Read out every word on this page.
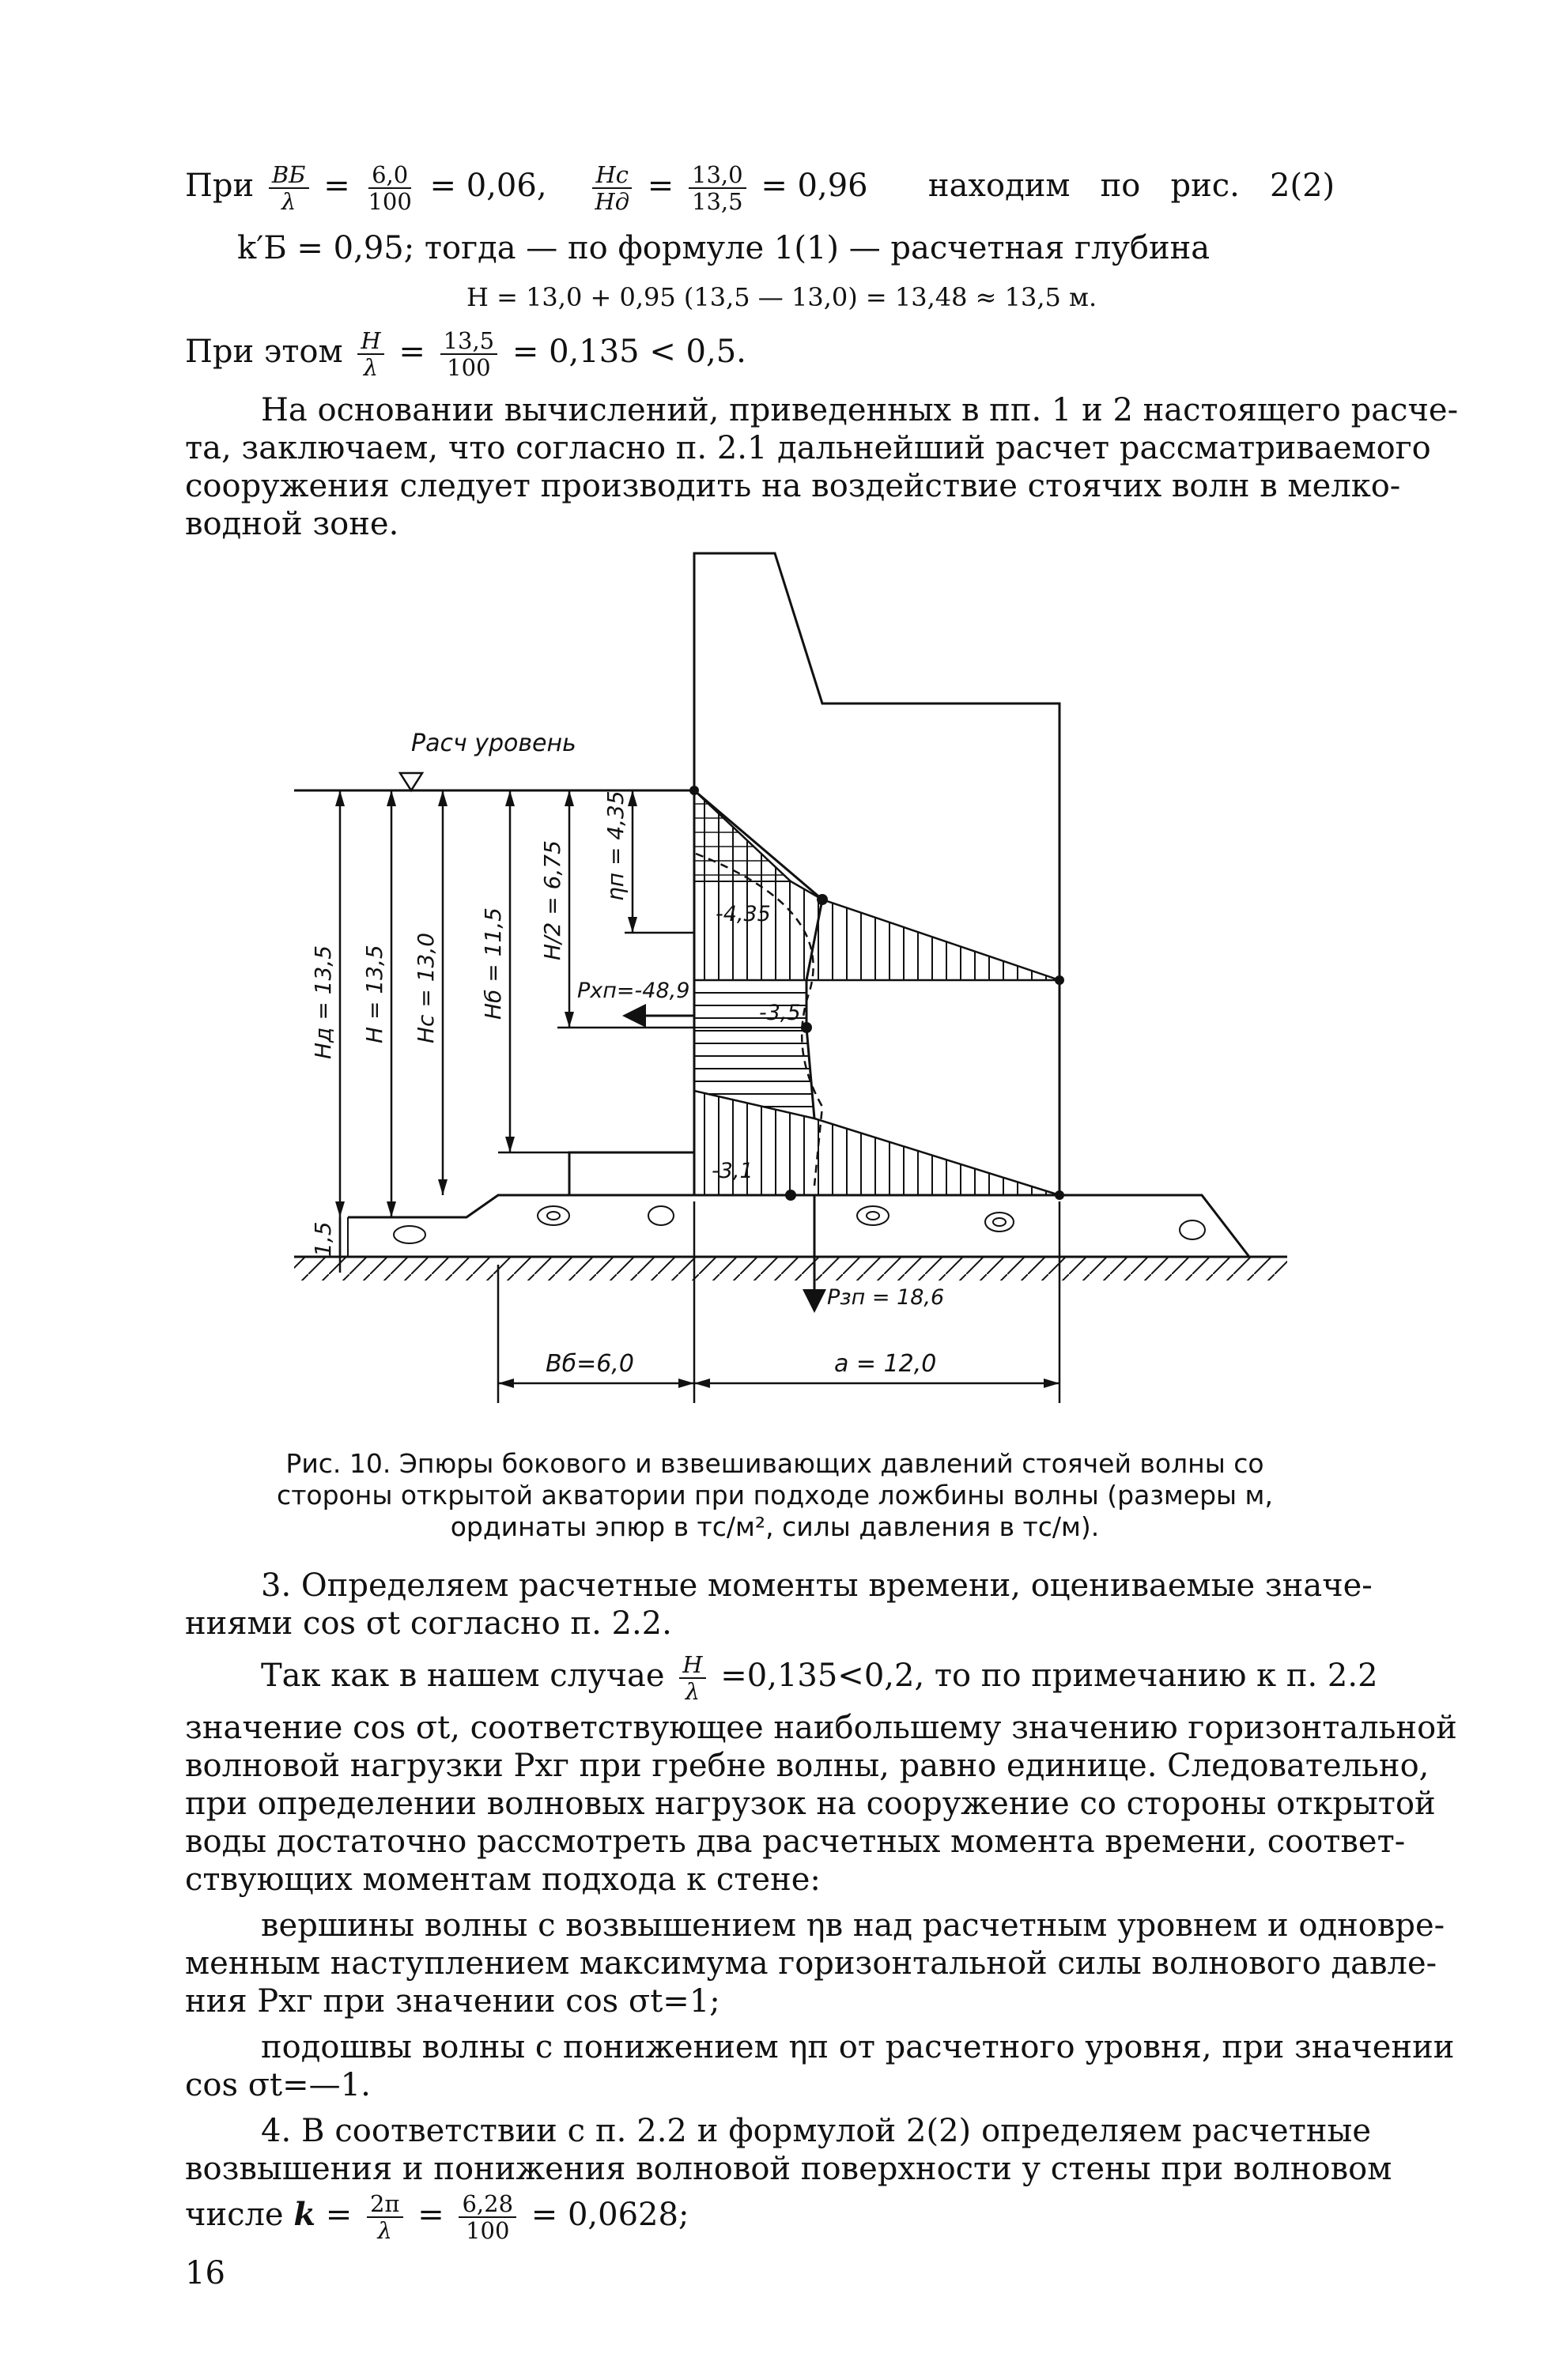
При $\frac{BБ}{\lambda} = \frac{6,0}{100} = 0,06$, $\frac{Hс}{Hд} = \frac{13,0}{13,5} = 0,96$ находим   по   рис.   2(2)
k′Б = 0,95; тогда — по формуле 1(1) — расчетная глубина
H = 13,0 + 0,95 (13,5 — 13,0) = 13,48 ≈ 13,5 м.
При этом $\frac{H}{\lambda} = \frac{13,5}{100} = 0,135 < 0,5$.
На основании вычислений, приведенных в пп. 1 и 2 настоящего расче-
та, заключаем, что согласно п. 2.1 дальнейший расчет рассматриваемого
сооружения следует производить на воздействие стоячих волн в мелко-
водной зоне.
Расч уровень
-4,35
-3,5
-3,1
Pхп=-48,9
Pзп = 18,6
Hд = 13,5 H = 13,5 Hс = 13,0 Hб = 11,5
H/2 = 6,75 ηп = 4,35
1,5
Bб=6,0	a = 12,0
Рис. 10. Эпюры бокового и взвешивающих давлений стоячей волны со
стороны открытой акватории при подходе ложбины волны (размеры м,
ординаты эпюр в тс/м², силы давления в тс/м).
3. Определяем расчетные моменты времени, оцениваемые значе-
ниями cos σt согласно п. 2.2.
Так как в нашем случае $\frac{H}{\lambda} =0,135<0,2$, то по примечанию к п. 2.2
значение cos σt, соответствующее наибольшему значению горизонтальной
волновой нагрузки Pхг при гребне волны, равно единице. Следовательно,
при определении волновых нагрузок на сооружение со стороны открытой
воды достаточно рассмотреть два расчетных момента времени, соответ-
ствующих моментам подхода к стене:
вершины волны с возвышением ηв над расчетным уровнем и одновре-
менным наступлением максимума горизонтальной силы волнового давле-
ния Pхг при значении cos σt=1;
подошвы волны с понижением ηп от расчетного уровня, при значении
cos σt=—1.
4. В соответствии с п. 2.2 и формулой 2(2) определяем расчетные
возвышения и понижения волновой поверхности у стены при волновом
числе $k = \frac{2\pi}{\lambda} = \frac{6,28}{100} = 0,0628$;
16
